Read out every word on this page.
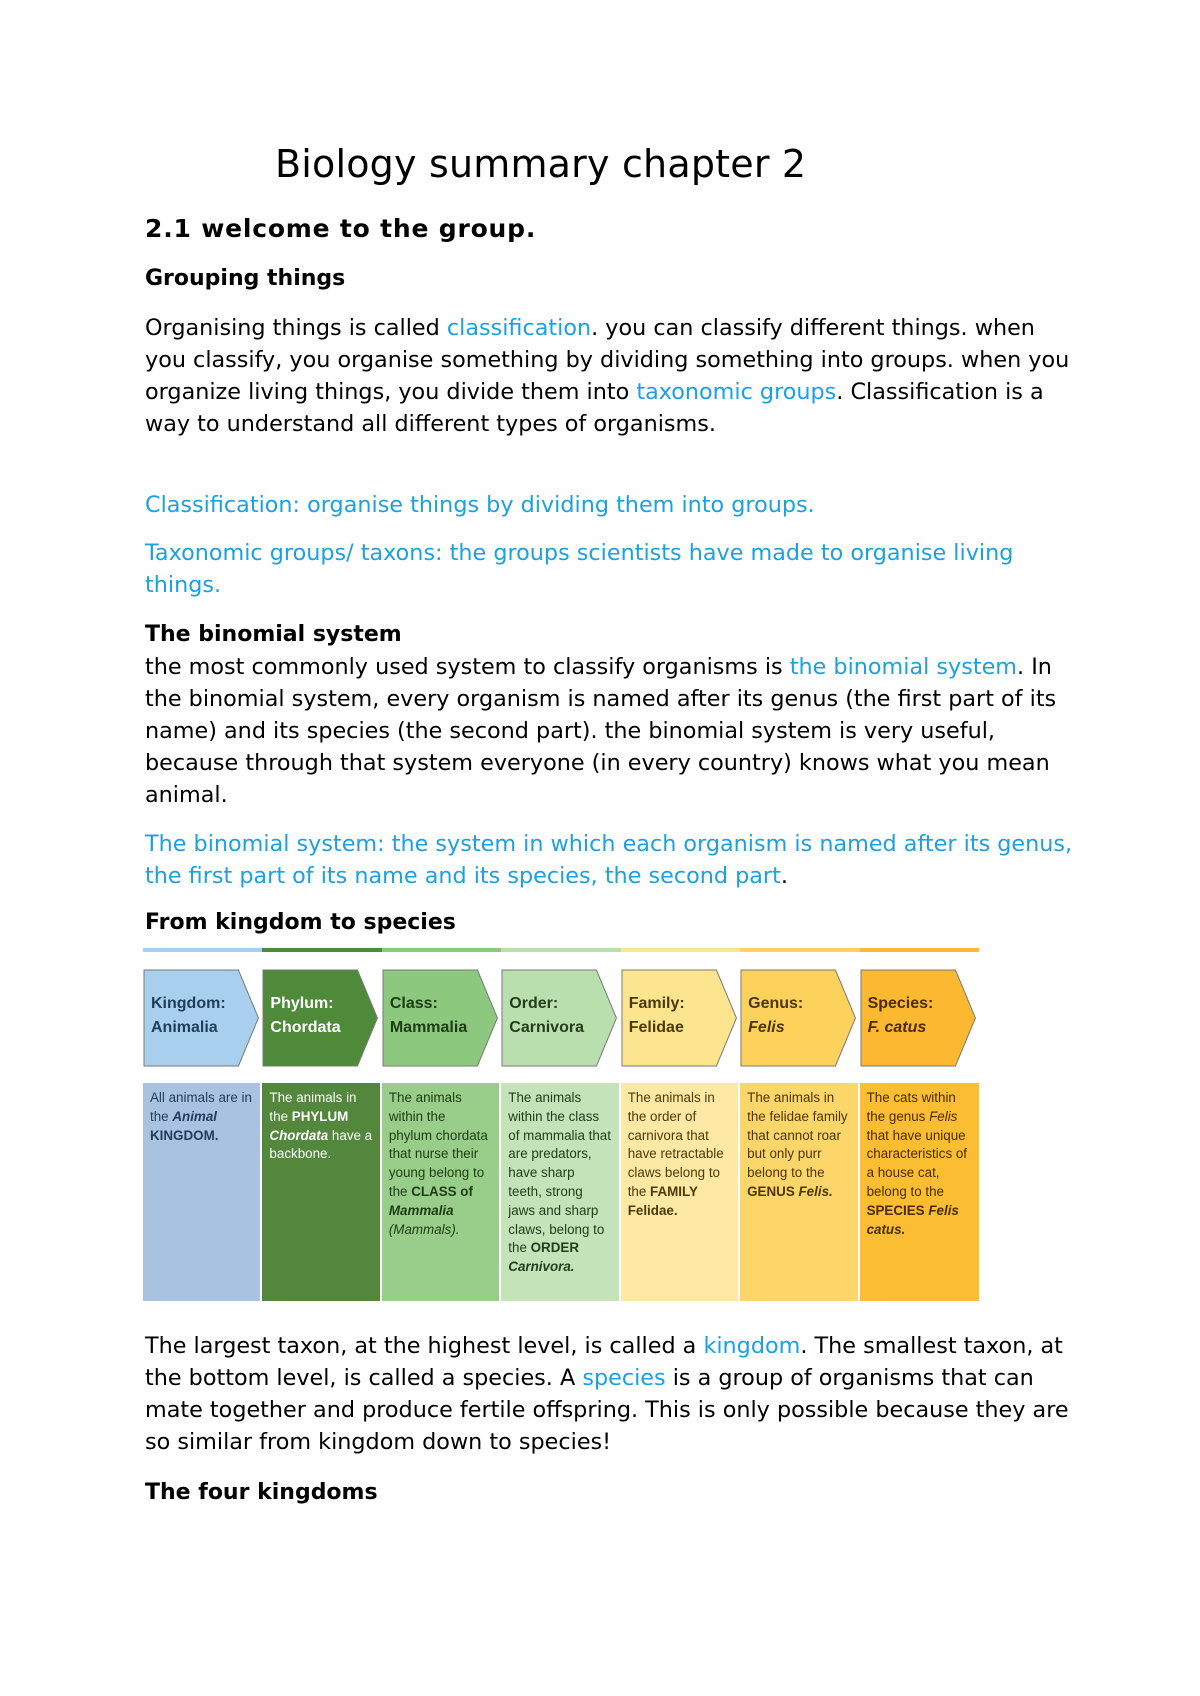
Biology summary chapter 2
2.1 welcome to the group.
Grouping things

Organising things is called classification. you can classify different things. when you classify, you organise something by dividing something into groups. when you organize living things, you divide them into taxonomic groups. Classification is a way to understand all different types of organisms.

Classification: organise things by dividing them into groups.

Taxonomic groups/ taxons: the groups scientists have made to organise living things.

The binomial system

the most commonly used system to classify organisms is the binomial system. In the binomial system, every organism is named after its genus (the first part of its name) and its species (the second part). the binomial system is very useful, because through that system everyone (in every country) knows what you mean animal.

The binomial system: the system in which each organism is named after its genus, the first part of its name and its species, the second part.

From kingdom to species
Kingdom:
Animalia
Phylum:
Chordata
Class:
Mammalia
Order:
Carnivora
Family:
Felidae
Genus:
Felis
Species:
F. catus
All animals are in the Animal KINGDOM.
The animals in the PHYLUM Chordata have a backbone.
The animals within the phylum chordata that nurse their young belong to the CLASS of Mammalia (Mammals).
The animals within the class of mammalia that are predators, have sharp teeth, strong jaws and sharp claws, belong to the ORDER Carnivora.
The animals in the order of carnivora that have retractable claws belong to the FAMILY Felidae.
The animals in the felidae family that cannot roar but only purr belong to the GENUS Felis.
The cats within the genus Felis that have unique characteristics of a house cat, belong to the SPECIES Felis catus.

The largest taxon, at the highest level, is called a kingdom. The smallest taxon, at the bottom level, is called a species. A species is a group of organisms that can mate together and produce fertile offspring. This is only possible because they are so similar from kingdom down to species!

The four kingdoms
